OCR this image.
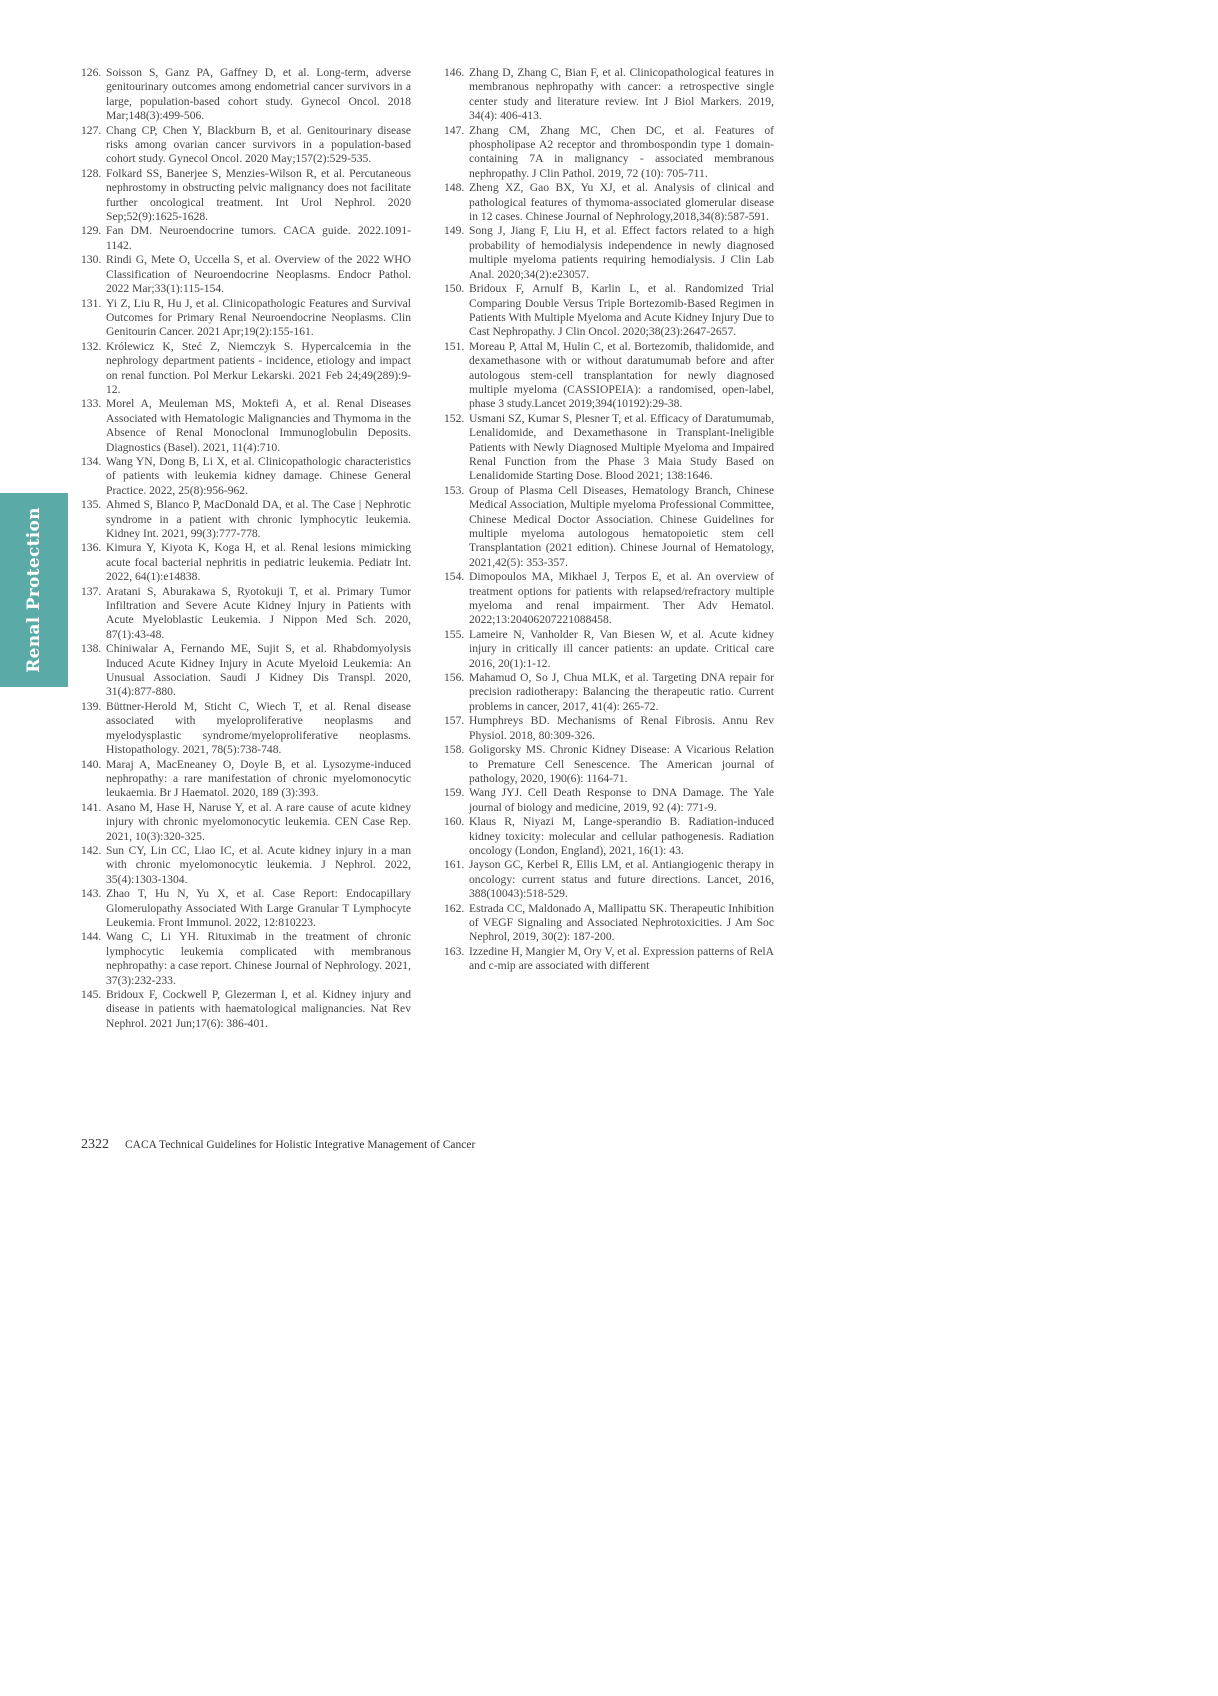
Renal Protection
126. Soisson S, Ganz PA, Gaffney D, et al. Long-term, adverse genitourinary outcomes among endometrial cancer survivors in a large, population-based cohort study. Gynecol Oncol. 2018 Mar;148(3):499-506.
127. Chang CP, Chen Y, Blackburn B, et al. Genitourinary disease risks among ovarian cancer survivors in a population-based cohort study. Gynecol Oncol. 2020 May;157(2):529-535.
128. Folkard SS, Banerjee S, Menzies-Wilson R, et al. Percutaneous nephrostomy in obstructing pelvic malignancy does not facilitate further oncological treatment. Int Urol Nephrol. 2020 Sep;52(9):1625-1628.
129. Fan DM. Neuroendocrine tumors. CACA guide. 2022.1091-1142.
130. Rindi G, Mete O, Uccella S, et al. Overview of the 2022 WHO Classification of Neuroendocrine Neoplasms. Endocr Pathol. 2022 Mar;33(1):115-154.
131. Yi Z, Liu R, Hu J, et al. Clinicopathologic Features and Survival Outcomes for Primary Renal Neuroendocrine Neoplasms. Clin Genitourin Cancer. 2021 Apr;19(2):155-161.
132. Królewicz K, Steć Z, Niemczyk S. Hypercalcemia in the nephrology department patients - incidence, etiology and impact on renal function. Pol Merkur Lekarski. 2021 Feb 24;49(289):9-12.
133. Morel A, Meuleman MS, Moktefi A, et al. Renal Diseases Associated with Hematologic Malignancies and Thymoma in the Absence of Renal Monoclonal Immunoglobulin Deposits. Diagnostics (Basel). 2021, 11(4):710.
134. Wang YN, Dong B, Li X, et al. Clinicopathologic characteristics of patients with leukemia kidney damage. Chinese General Practice. 2022, 25(8):956-962.
135. Ahmed S, Blanco P, MacDonald DA, et al. The Case | Nephrotic syndrome in a patient with chronic lymphocytic leukemia. Kidney Int. 2021, 99(3):777-778.
136. Kimura Y, Kiyota K, Koga H, et al. Renal lesions mimicking acute focal bacterial nephritis in pediatric leukemia. Pediatr Int. 2022, 64(1):e14838.
137. Aratani S, Aburakawa S, Ryotokuji T, et al. Primary Tumor Infiltration and Severe Acute Kidney Injury in Patients with Acute Myeloblastic Leukemia. J Nippon Med Sch. 2020, 87(1):43-48.
138. Chiniwalar A, Fernando ME, Sujit S, et al. Rhabdomyolysis Induced Acute Kidney Injury in Acute Myeloid Leukemia: An Unusual Association. Saudi J Kidney Dis Transpl. 2020, 31(4):877-880.
139. Büttner-Herold M, Sticht C, Wiech T, et al. Renal disease associated with myeloproliferative neoplasms and myelodysplastic syndrome/myeloproliferative neoplasms. Histopathology. 2021, 78(5):738-748.
140. Maraj A, MacEneaney O, Doyle B, et al. Lysozyme-induced nephropathy: a rare manifestation of chronic myelomonocytic leukaemia. Br J Haematol. 2020, 189 (3):393.
141. Asano M, Hase H, Naruse Y, et al. A rare cause of acute kidney injury with chronic myelomonocytic leukemia. CEN Case Rep. 2021, 10(3):320-325.
142. Sun CY, Lin CC, Liao IC, et al. Acute kidney injury in a man with chronic myelomonocytic leukemia. J Nephrol. 2022, 35(4):1303-1304.
143. Zhao T, Hu N, Yu X, et al. Case Report: Endocapillary Glomerulopathy Associated With Large Granular T Lymphocyte Leukemia. Front Immunol. 2022, 12:810223.
144. Wang C, Li YH. Rituximab in the treatment of chronic lymphocytic leukemia complicated with membranous nephropathy: a case report. Chinese Journal of Nephrology. 2021, 37(3):232-233.
145. Bridoux F, Cockwell P, Glezerman I, et al. Kidney injury and disease in patients with haematological malignancies. Nat Rev Nephrol. 2021 Jun;17(6): 386-401.
146. Zhang D, Zhang C, Bian F, et al. Clinicopathological features in membranous nephropathy with cancer: a retrospective single center study and literature review. Int J Biol Markers. 2019, 34(4): 406-413.
147. Zhang CM, Zhang MC, Chen DC, et al. Features of phospholipase A2 receptor and thrombospondin type 1 domain-containing 7A in malignancy - associated membranous nephropathy. J Clin Pathol. 2019, 72 (10): 705-711.
148. Zheng XZ, Gao BX, Yu XJ, et al. Analysis of clinical and pathological features of thymoma-associated glomerular disease in 12 cases. Chinese Journal of Nephrology,2018,34(8):587-591.
149. Song J, Jiang F, Liu H, et al. Effect factors related to a high probability of hemodialysis independence in newly diagnosed multiple myeloma patients requiring hemodialysis. J Clin Lab Anal. 2020;34(2):e23057.
150. Bridoux F, Arnulf B, Karlin L, et al. Randomized Trial Comparing Double Versus Triple Bortezomib-Based Regimen in Patients With Multiple Myeloma and Acute Kidney Injury Due to Cast Nephropathy. J Clin Oncol. 2020;38(23):2647-2657.
151. Moreau P, Attal M, Hulin C, et al. Bortezomib, thalidomide, and dexamethasone with or without daratumumab before and after autologous stem-cell transplantation for newly diagnosed multiple myeloma (CASSIOPEIA): a randomised, open-label, phase 3 study.Lancet 2019;394(10192):29-38.
152. Usmani SZ, Kumar S, Plesner T, et al. Efficacy of Daratumumab, Lenalidomide, and Dexamethasone in Transplant-Ineligible Patients with Newly Diagnosed Multiple Myeloma and Impaired Renal Function from the Phase 3 Maia Study Based on Lenalidomide Starting Dose. Blood 2021; 138:1646.
153. Group of Plasma Cell Diseases, Hematology Branch, Chinese Medical Association, Multiple myeloma Professional Committee, Chinese Medical Doctor Association. Chinese Guidelines for multiple myeloma autologous hematopoietic stem cell Transplantation (2021 edition). Chinese Journal of Hematology, 2021,42(5): 353-357.
154. Dimopoulos MA, Mikhael J, Terpos E, et al. An overview of treatment options for patients with relapsed/refractory multiple myeloma and renal impairment. Ther Adv Hematol. 2022;13:20406207221088458.
155. Lameire N, Vanholder R, Van Biesen W, et al. Acute kidney injury in critically ill cancer patients: an update. Critical care 2016, 20(1):1-12.
156. Mahamud O, So J, Chua MLK, et al. Targeting DNA repair for precision radiotherapy: Balancing the therapeutic ratio. Current problems in cancer, 2017, 41(4): 265-72.
157. Humphreys BD. Mechanisms of Renal Fibrosis. Annu Rev Physiol. 2018, 80:309-326.
158. Goligorsky MS. Chronic Kidney Disease: A Vicarious Relation to Premature Cell Senescence. The American journal of pathology, 2020, 190(6): 1164-71.
159. Wang JYJ. Cell Death Response to DNA Damage. The Yale journal of biology and medicine, 2019, 92 (4): 771-9.
160. Klaus R, Niyazi M, Lange-sperandio B. Radiation-induced kidney toxicity: molecular and cellular pathogenesis. Radiation oncology (London, England), 2021, 16(1): 43.
161. Jayson GC, Kerbel R, Ellis LM, et al. Antiangiogenic therapy in oncology: current status and future directions. Lancet, 2016, 388(10043):518-529.
162. Estrada CC, Maldonado A, Mallipattu SK. Therapeutic Inhibition of VEGF Signaling and Associated Nephrotoxicities. J Am Soc Nephrol, 2019, 30(2): 187-200.
163. Izzedine H, Mangier M, Ory V, et al. Expression patterns of RelA and c-mip are associated with different
2322 CACA Technical Guidelines for Holistic Integrative Management of Cancer
